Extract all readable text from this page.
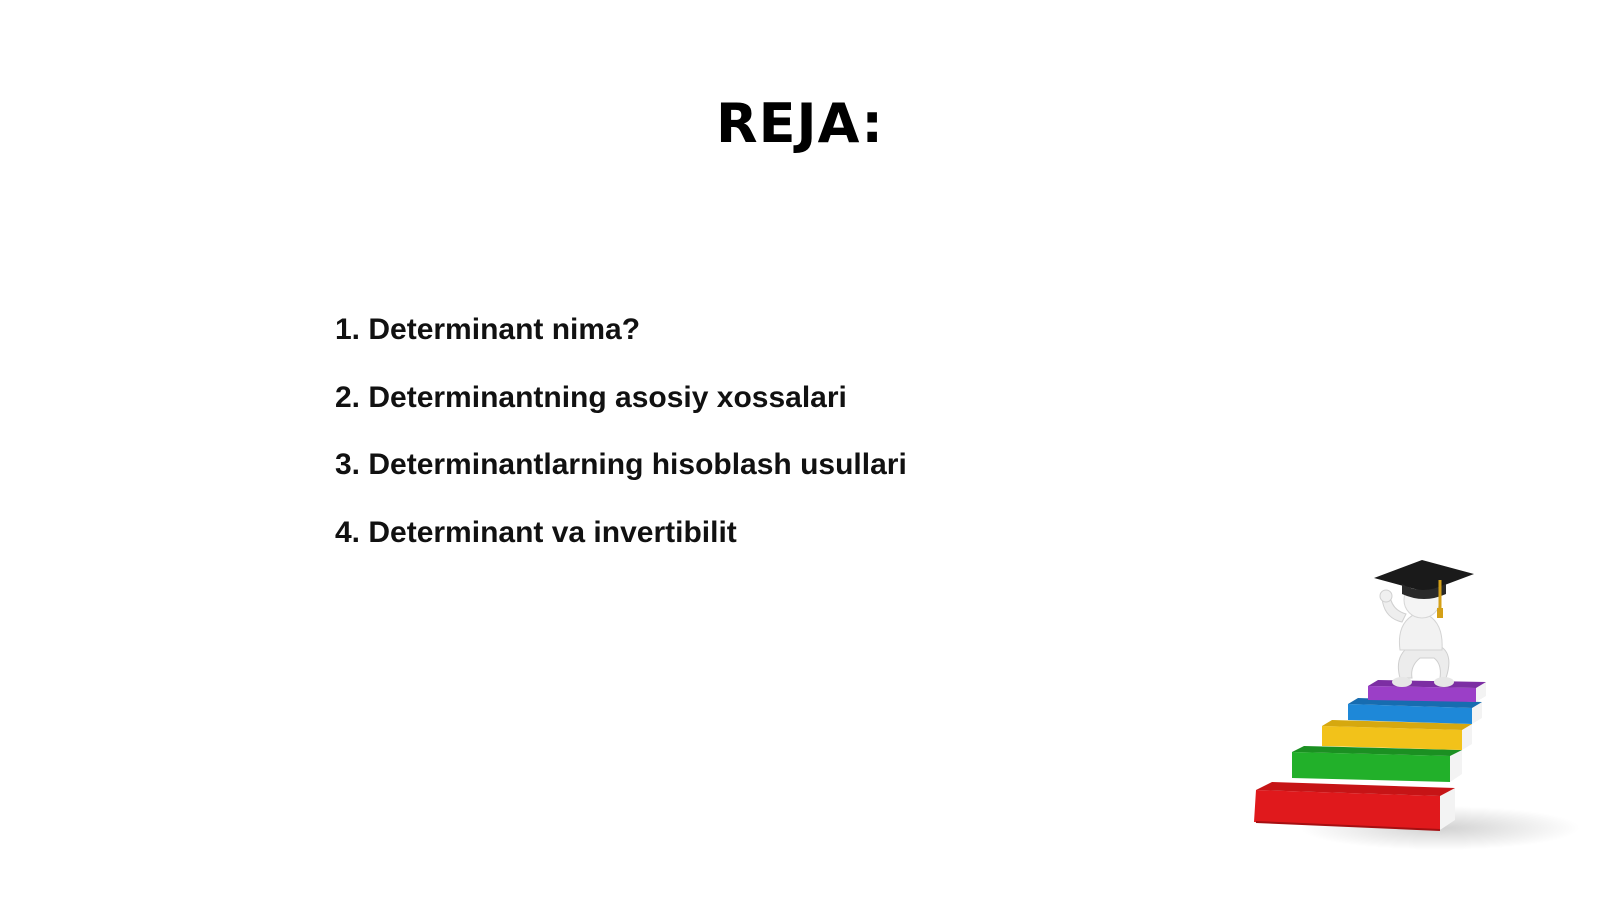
REJA:
1. Determinant nima?
2. Determinantning asosiy xossalari
3. Determinantlarning hisoblash usullari
4. Determinant va invertibilit
